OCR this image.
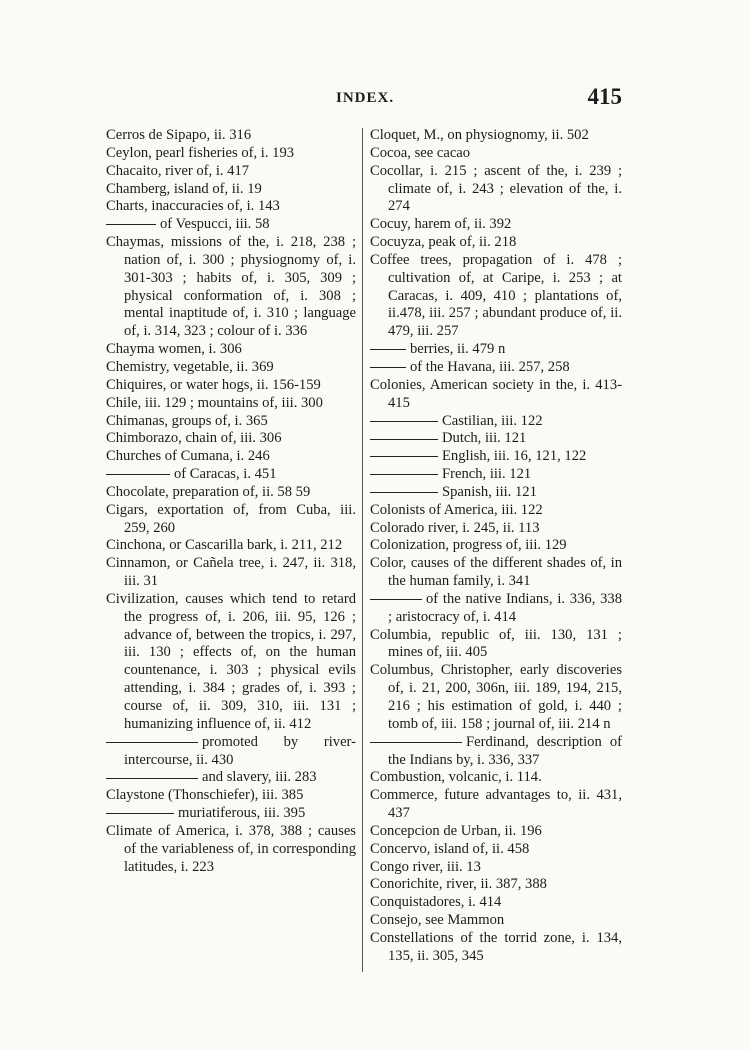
INDEX.	415
Cerros de Sipapo, ii. 316
Ceylon, pearl fisheries of, i. 193
Chacaito, river of, i. 417
Chamberg, island of, ii. 19
Charts, inaccuracies of, i. 143
of Vespucci, iii. 58
Chaymas, missions of the, i. 218, 238 ; nation of, i. 300 ; physiognomy of, i. 301-303 ; habits of, i. 305, 309 ; physical conformation of, i. 308 ; mental inaptitude of, i. 310 ; language of, i. 314, 323 ; colour of i. 336
Chayma women, i. 306
Chemistry, vegetable, ii. 369
Chiquires, or water hogs, ii. 156-159
Chile, iii. 129 ; mountains of, iii. 300
Chimanas, groups of, i. 365
Chimborazo, chain of, iii. 306
Churches of Cumana, i. 246
of Caracas, i. 451
Chocolate, preparation of, ii. 58 59
Cigars, exportation of, from Cuba, iii. 259, 260
Cinchona, or Cascarilla bark, i. 211, 212
Cinnamon, or Cañela tree, i. 247, ii. 318, iii. 31
Civilization, causes which tend to retard the progress of, i. 206, iii. 95, 126 ; advance of, between the tropics, i. 297, iii. 130 ; effects of, on the human countenance, i. 303 ; physical evils attending, i. 384 ; grades of, i. 393 ; course of, ii. 309, 310, iii. 131 ; humanizing influence of, ii. 412
promoted by river-intercourse, ii. 430
and slavery, iii. 283
Claystone (Thonschiefer), iii. 385
muriatiferous, iii. 395
Climate of America, i. 378, 388 ; causes of the variableness of, in corresponding latitudes, i. 223
Cloquet, M., on physiognomy, ii. 502
Cocoa, see cacao
Cocollar, i. 215 ; ascent of the, i. 239 ; climate of, i. 243 ; elevation of the, i. 274
Cocuy, harem of, ii. 392
Cocuyza, peak of, ii. 218
Coffee trees, propagation of i. 478 ; cultivation of, at Caripe, i. 253 ; at Caracas, i. 409, 410 ; plantations of, ii.478, iii. 257 ; abundant produce of, ii. 479, iii. 257
berries, ii. 479 n
of the Havana, iii. 257, 258
Colonies, American society in the, i. 413-415
Castilian, iii. 122
Dutch, iii. 121
English, iii. 16, 121, 122
French, iii. 121
Spanish, iii. 121
Colonists of America, iii. 122
Colorado river, i. 245, ii. 113
Colonization, progress of, iii. 129
Color, causes of the different shades of, in the human family, i. 341
of the native Indians, i. 336, 338 ; aristocracy of, i. 414
Columbia, republic of, iii. 130, 131 ; mines of, iii. 405
Columbus, Christopher, early discoveries of, i. 21, 200, 306n, iii. 189, 194, 215, 216 ; his estimation of gold, i. 440 ; tomb of, iii. 158 ; journal of, iii. 214 n
Ferdinand, description of the Indians by, i. 336, 337
Combustion, volcanic, i. 114.
Commerce, future advantages to, ii. 431, 437
Concepcion de Urban, ii. 196
Concervo, island of, ii. 458
Congo river, iii. 13
Conorichite, river, ii. 387, 388
Conquistadores, i. 414
Consejo, see Mammon
Constellations of the torrid zone, i. 134, 135, ii. 305, 345
